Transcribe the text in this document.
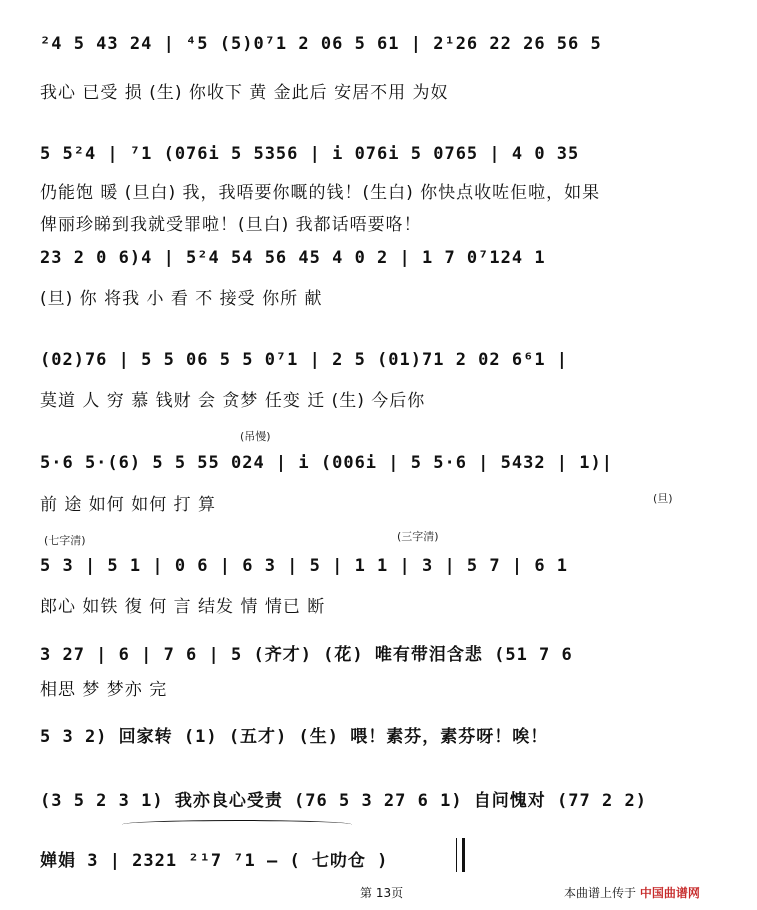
²4 5 43 24 | ⁴5 (5)0⁷1 2 06 5 61 | 2¹26 22 26 56 5
我心 已受 损 (生) 你收下 黄 金此后 安居不用 为奴
5 5²4 | ⁷1 (076i 5 5356 | i 076i 5 0765 | 4 0 35
仍能饱 暖 (旦白) 我，我唔要你嘅的钱！(生白) 你快点收咗佢啦，如果
俾丽珍睇到我就受罪啦！(旦白) 我都话唔要咯！
23 2 0 6)4 | 5²4 54 56 45 4 0 2 | 1 7 0⁷124 1
(旦) 你 将我 小 看 不 接受 你所 献
(02)76 | 5 5 06 5 5 0⁷1 | 2 5 (01)71 2 02 6⁶1 |
莫道 人 穷 慕 钱财 会 贪梦 任变 迁 (生) 今后你
(吊慢)
5·6 5·(6) 5 5 55 024 | i (006i | 5 5·6 | 5432 | 1)|
前 途 如何 如何 打 算	(旦)
(七字清)	(三字清)
5 3 | 5 1 | 0 6 | 6 3 | 5 | 1 1 | 3 | 5 7 | 6 1
郎心 如铁 復 何 言 结发 情 情已 断
3 27 | 6 | 7 6 | 5 (齐才) (花) 唯有带泪含悲 (51 7 6
相思 梦 梦亦 完
5 3 2) 回家转 (1) (五才) (生) 喂！素芬，素芬呀！唉！
(3 5 2 3 1) 我亦良心受责 (76 5 3 27 6 1) 自问愧对 (77 2 2)
婵娟 3 | 2321 ²¹7 ⁷1 – ( 七叻仓 )
第 13页	本曲谱上传于 中国曲谱网
